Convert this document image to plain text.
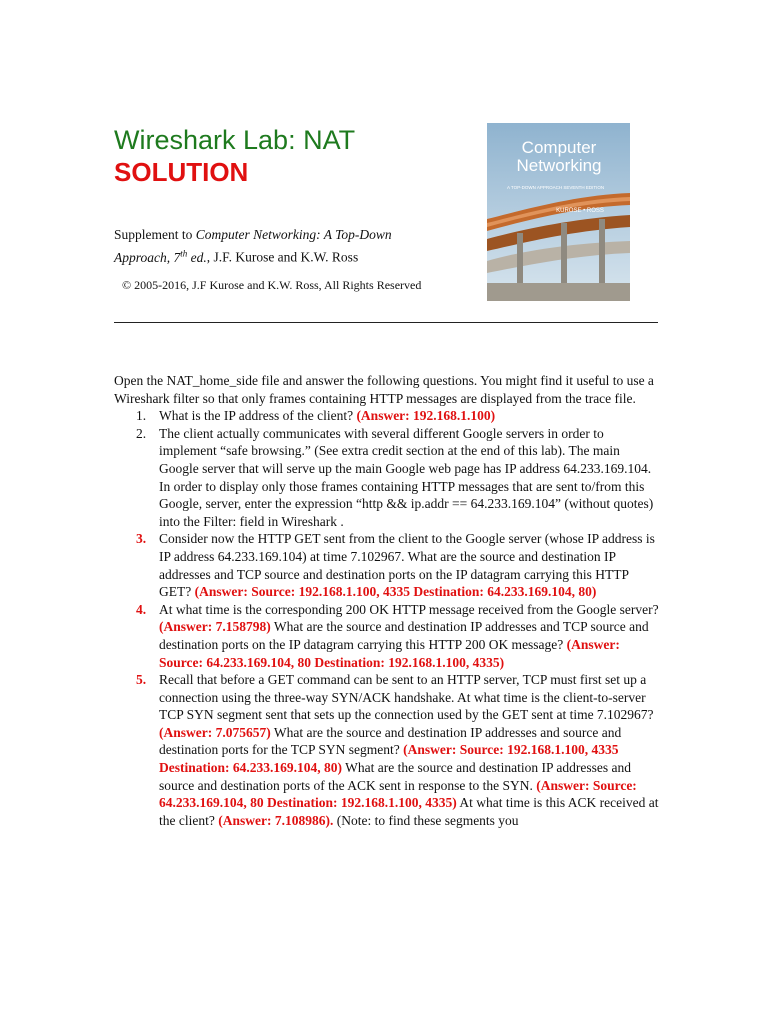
Wireshark Lab: NAT
SOLUTION
Supplement to Computer Networking: A Top-Down Approach, 7th ed., J.F. Kurose and K.W. Ross
© 2005-2016, J.F Kurose and K.W. Ross, All Rights Reserved
Computer
Networking
A TOP-DOWN APPROACH SEVENTH EDITION
KUROSE • ROSS

Open the NAT_home_side file and answer the following questions. You might find it useful to use a Wireshark filter so that only frames containing HTTP messages are displayed from the trace file.

1. What is the IP address of the client? (Answer: 192.168.1.100)
2. The client actually communicates with several different Google servers in order to implement “safe browsing.” (See extra credit section at the end of this lab). The main Google server that will serve up the main Google web page has IP address 64.233.169.104. In order to display only those frames containing HTTP messages that are sent to/from this Google, server, enter the expression “http && ip.addr == 64.233.169.104” (without quotes) into the Filter: field in Wireshark .
3. Consider now the HTTP GET sent from the client to the Google server (whose IP address is IP address 64.233.169.104) at time 7.102967. What are the source and destination IP addresses and TCP source and destination ports on the IP datagram carrying this HTTP GET? (Answer: Source: 192.168.1.100, 4335 Destination: 64.233.169.104, 80)
4. At what time is the corresponding 200 OK HTTP message received from the Google server? (Answer: 7.158798) What are the source and destination IP addresses and TCP source and destination ports on the IP datagram carrying this HTTP 200 OK message? (Answer: Source: 64.233.169.104, 80 Destination: 192.168.1.100, 4335)
5. Recall that before a GET command can be sent to an HTTP server, TCP must first set up a connection using the three-way SYN/ACK handshake. At what time is the client-to-server TCP SYN segment sent that sets up the connection used by the GET sent at time 7.102967? (Answer: 7.075657) What are the source and destination IP addresses and source and destination ports for the TCP SYN segment? (Answer: Source: 192.168.1.100, 4335 Destination: 64.233.169.104, 80) What are the source and destination IP addresses and source and destination ports of the ACK sent in response to the SYN. (Answer: Source: 64.233.169.104, 80 Destination: 192.168.1.100, 4335) At what time is this ACK received at the client? (Answer: 7.108986). (Note: to find these segments you
